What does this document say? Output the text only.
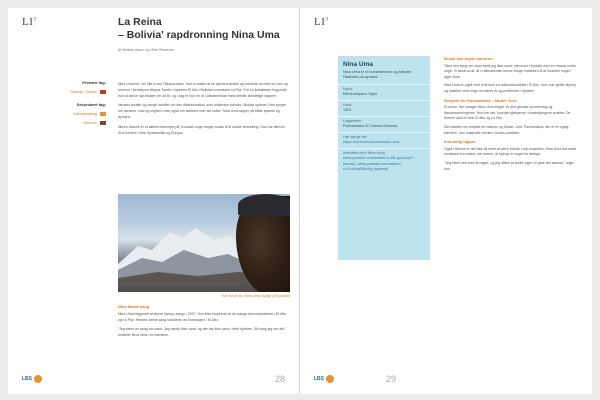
$LI^3$	La Reina
– Bolivia' rapdronning Nina Uma
Af Bettina Gaum og Gitte Pedersen
Primært fag:
Spansk, Dansk
Sekundært fag:
Samfundsfag
Historie

Nina Uma bor i en lille ø ved Titicaca-søen. Hun er datter af en aymara-familie og voksede op med sin mor og mormor i landsbyen Wayna Tambo i bydelen El Alto i Bolivias hovedstad La Paz. Fra 14-årsalderen begyndte hun at skrive rap-tekster om sit liv, og i dag er hun en af Latinamerikas mest kendte kvindelige rappere.

Hendes tekster og sange handler om den diskrimination, som indianske kvinder i Bolivia oplever. Hun synger om racisme, vold og ulighed, men også om stolthed over sin kultur. Nina Uma rapper på både spansk og aymara.

Nina's historie er et stærkt eksempel på, hvordan unge bruger musik til at skabe forandring. Hun har fået lov til at turnere i hele Sydamerika og Europa.

Klik for at se i Nina Uma synge på youtube
Nina første sang

Nina Uma begyndte at skrive hiphop-sange i 2007. Hun blev inspireret af de mange demonstrationer i El Alto og La Paz. Hendes første sang handlede om hverdagen i El Alto.

"Jeg skrev en sang om vand. Jeg havde ikke vand, og der var ikke vand i hele bydelen. Så sang jeg om det," fortæller Nina Uma i et interview.

LBS	28
$LI^3$
Nina Uma
Nina Uma er et kunstnernavn og betyder Rødvand på aymara
Navn:
Elena Amparo Tapia
Født:
1991
Udgivelser:
Pachamama & Chiama Okimma
Hør sange fra:
https://soundcloud.com/nina-uma
Interview med Nina Uma:
www.youtube.com/watch?v=B5-gs4-pqHY (dansk), www.youtube.com/watch?v=GUvKqRIBuRg (spansk)
Musik kan bryde barrierer

"Med min sang om vand fandt jeg ikke vand, men kom i kontakt med en masse andre unge. Vi fandt ud af, at vi allesammen kunne bruge musikken til at forandre noget," siger Nina.

Nina Uma er også med til at lave en radioudsendelse i El Alto, hvor hun spiller hiphop og snakker med unge om deres liv og problemer i bydelen.

Respekt for Pachamama – Moder Jord

Et emne, der optager Nina Uma meget, er den globale opvarmning og klimaforandringerne. Hun har set, hvordan gletsjerne i Andesbjergene smelter. De leverer vand til hele El Alto og La Paz.

Det handler om respekt for naturen og Moder Jord, Pachamama, der er et vigtigt element i den indianske verden i Andes-området.

Kvindelig rapper

Også i Bolivia er det ikke så nemt at være kvinde i rap-musikken. Nina Uma har mødt modstand fra mænd, der mener, at hiphop er noget for drenge.

"Jeg bliver ved med at rappe, og jeg håber at andre piger vil gøre det samme," siger hun.

LBS	29
